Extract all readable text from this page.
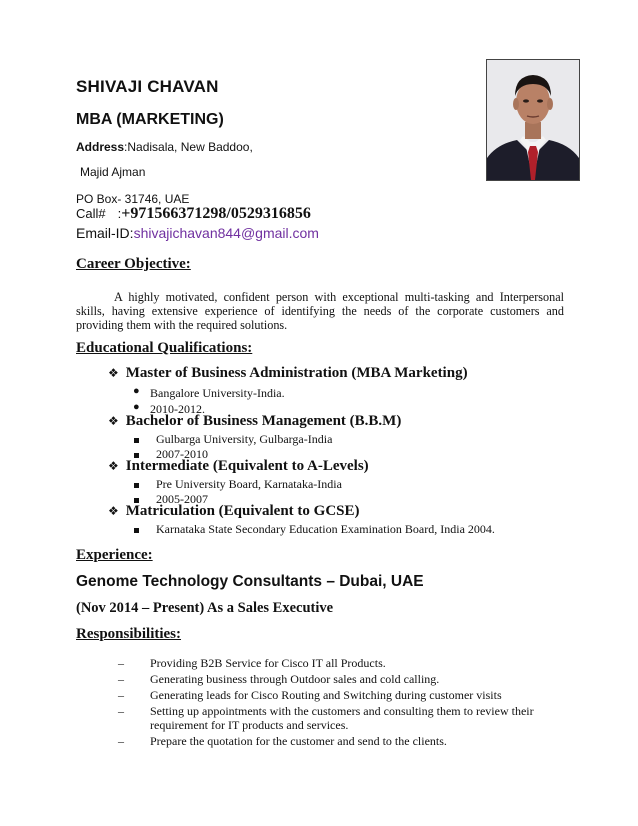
SHIVAJI CHAVAN
MBA (MARKETING)
Address:Nadisala, New Baddoo,
Majid Ajman
PO Box- 31746, UAE
Call# :+971566371298/0529316856
Email-ID:shivajichavan844@gmail.com
Career Objective:
A highly motivated, confident person with exceptional multi-tasking and Interpersonal skills, having extensive experience of identifying the needs of the corporate customers and providing them with the required solutions.
Educational Qualifications:
❖ Master of Business Administration (MBA Marketing)
● Bangalore University-India.
● 2010-2012.
❖ Bachelor of Business Management (B.B.M)
Gulbarga University, Gulbarga-India
2007-2010
❖ Intermediate (Equivalent to A-Levels)
Pre University Board, Karnataka-India
2005-2007
❖ Matriculation (Equivalent to GCSE)
Karnataka State Secondary Education Examination Board, India 2004.
Experience:
Genome Technology Consultants – Dubai, UAE
(Nov 2014 – Present) As a Sales Executive
Responsibilities:
– Providing B2B Service for Cisco IT all Products.
– Generating business through Outdoor sales and cold calling.
– Generating leads for Cisco Routing and Switching during customer visits
– Setting up appointments with the customers and consulting them to review their requirement for IT products and services.
– Prepare the quotation for the customer and send to the clients.
